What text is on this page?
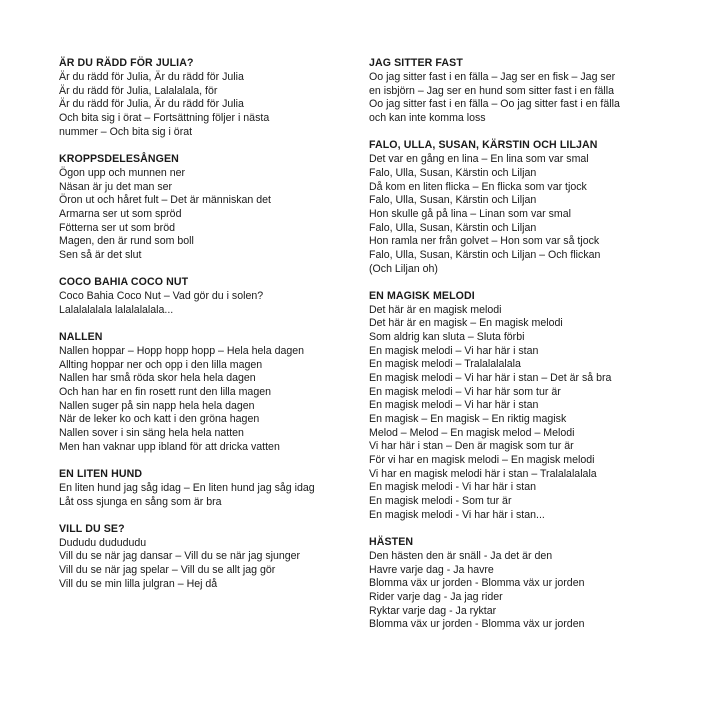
ÄR DU RÄDD FÖR JULIA?
Är du rädd för Julia, Är du rädd för Julia
Är du rädd för Julia, Lalalalala, för
Är du rädd för Julia, Är du rädd för Julia
Och bita sig i örat – Fortsättning följer i nästa
nummer – Och bita sig i örat
KROPPSDELESÅNGEN
Ögon upp och munnen ner
Näsan är ju det man ser
Öron ut och håret fult – Det är människan det
Armarna ser ut som spröd
Fötterna ser ut som bröd
Magen, den är rund som boll
Sen så är det slut
COCO BAHIA COCO NUT
Coco Bahia Coco Nut – Vad gör du i solen?
Lalalalalala lalalalalala...
NALLEN
Nallen hoppar – Hopp hopp hopp – Hela hela dagen
Allting hoppar ner och opp i den lilla magen
Nallen har små röda skor hela hela dagen
Och han har en fin rosett runt den lilla magen
Nallen suger på sin napp hela hela dagen
När de leker ko och katt i den gröna hagen
Nallen sover i sin säng hela hela natten
Men han vaknar upp ibland för att dricka vatten
EN LITEN HUND
En liten hund jag såg idag – En liten hund jag såg idag
Låt oss sjunga en sång som är bra
VILL DU SE?
Dududu dudududu
Vill du se när jag dansar – Vill du se när jag sjunger
Vill du se när jag spelar – Vill du se allt jag gör
Vill du se min lilla julgran – Hej då
JAG SITTER FAST
Oo jag sitter fast i en fälla – Jag ser en fisk – Jag ser
en isbjörn – Jag ser en hund som sitter fast i en fälla
Oo jag sitter fast i en fälla – Oo jag sitter fast i en fälla
och kan inte komma loss
FALO, ULLA, SUSAN, KÄRSTIN OCH LILJAN
Det var en gång en lina – En lina som var smal
Falo, Ulla, Susan, Kärstin och Liljan
Då kom en liten flicka – En flicka som var tjock
Falo, Ulla, Susan, Kärstin och Liljan
Hon skulle gå på lina – Linan som var smal
Falo, Ulla, Susan, Kärstin och Liljan
Hon ramla ner från golvet – Hon som var så tjock
Falo, Ulla, Susan, Kärstin och Liljan – Och flickan
(Och Liljan oh)
EN MAGISK MELODI
Det här är en magisk melodi
Det här är en magisk – En magisk melodi
Som aldrig kan sluta – Sluta förbi
En magisk melodi – Vi har här i stan
En magisk melodi – Tralalalalala
En magisk melodi – Vi har här i stan – Det är så bra
En magisk melodi – Vi har här som tur är
En magisk melodi – Vi har här i stan
En magisk – En magisk – En riktig magisk
Melod – Melod – En magisk melod – Melodi
Vi har här i stan – Den är magisk som tur är
För vi har en magisk melodi – En magisk melodi
Vi har en magisk melodi här i stan – Tralalalalala
En magisk melodi - Vi har här i stan
En magisk melodi - Som tur är
En magisk melodi - Vi har här i stan...
HÄSTEN
Den hästen den är snäll - Ja det är den
Havre varje dag - Ja havre
Blomma väx ur jorden - Blomma väx ur jorden
Rider varje dag - Ja jag rider
Ryktar varje dag - Ja ryktar
Blomma väx ur jorden - Blomma väx ur jorden
